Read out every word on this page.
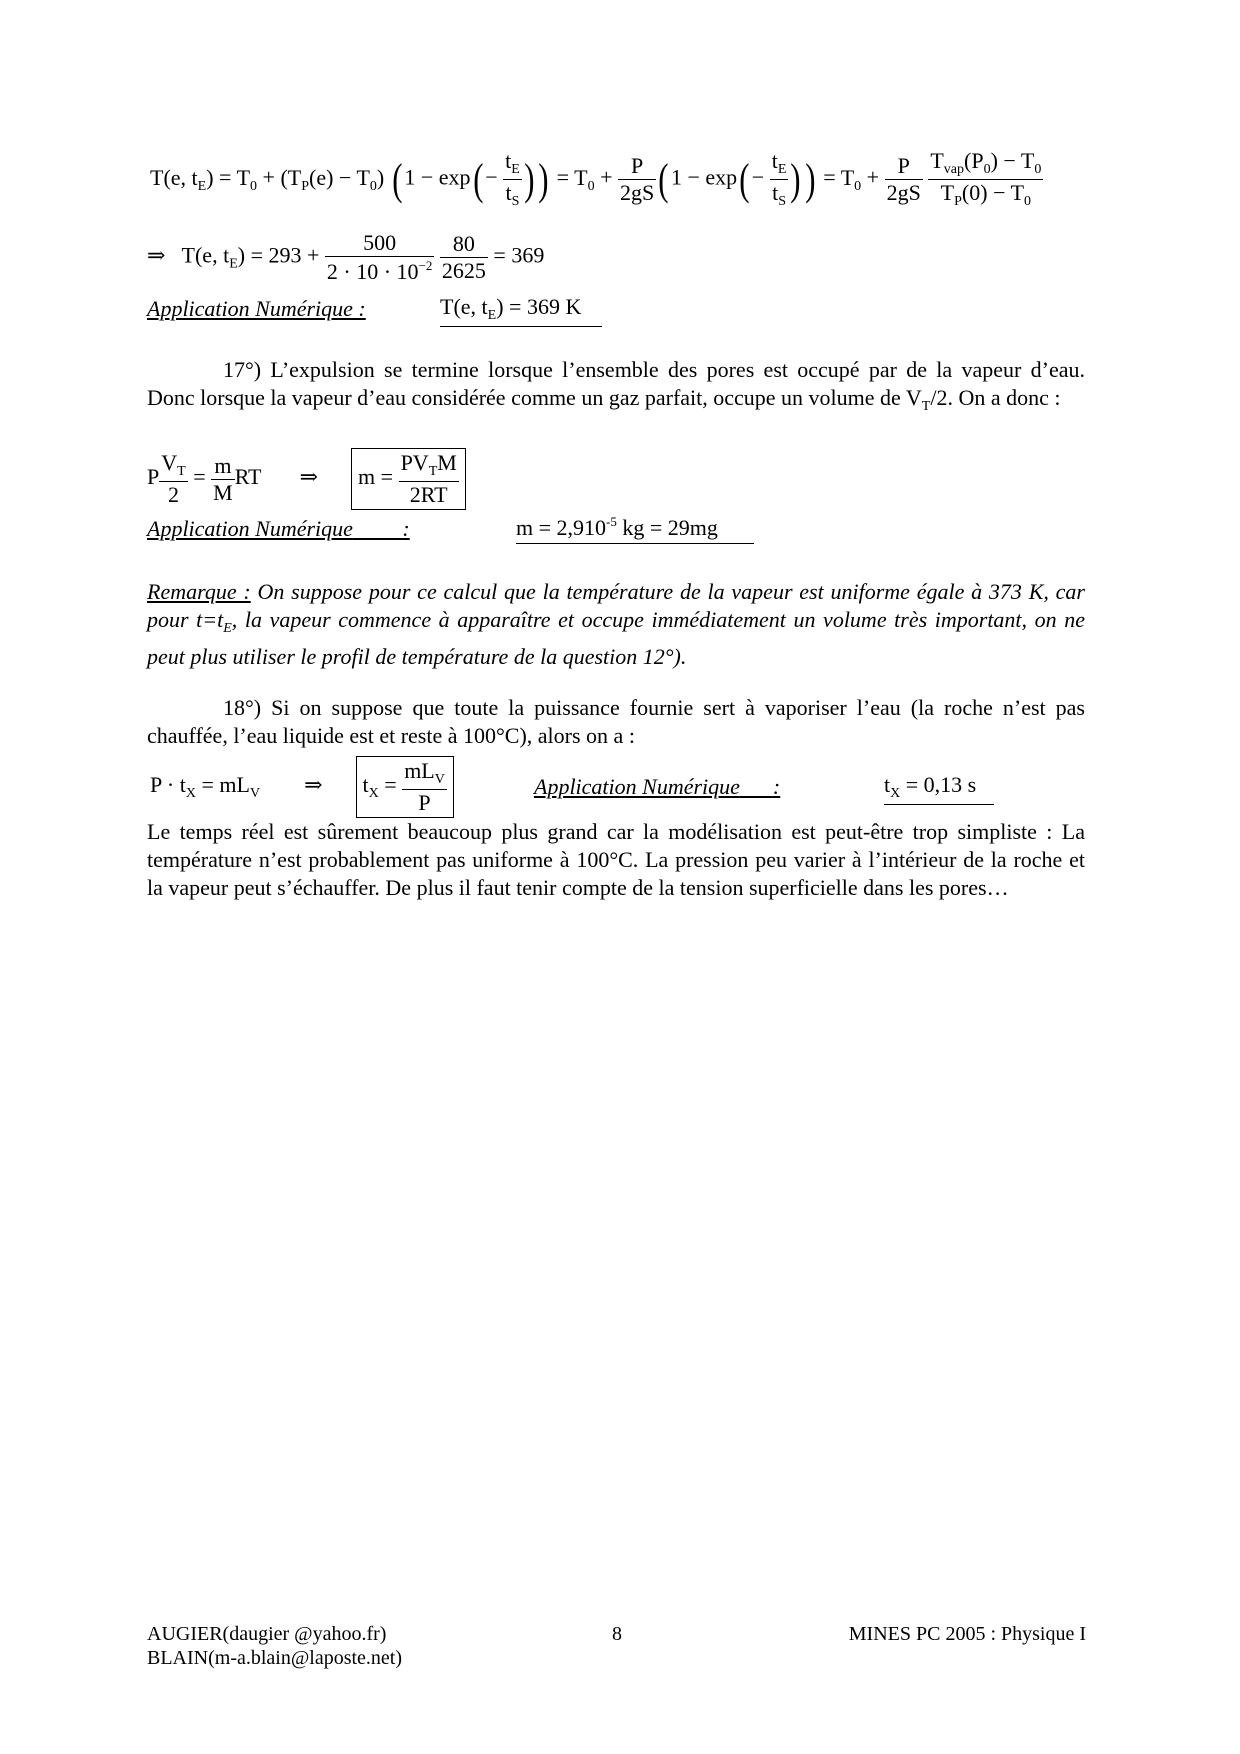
T(e, $t_E) = T_0 + (T_P(e) - T_0)$ ($1 - \exp(- \frac{t_E}{t_S}$ )) = $T_0 + \frac{P}{2gS} (1 - \exp(- \frac{t_E}{t_S}$ )) = $T_0 + \frac{P}{2gS}$
$\frac{T_{vap}(P_0) - T_0}{T_P(0) - T_0}$
⇒ T(e, $t_E) = 293 + \frac{500}{2 \cdot 10 \cdot 10^{-2}}$
$\frac{80}{2625} = 369$
Application Numérique :	T(e, $t_E) = 369$ K
17°) L’expulsion se termine lorsque l’ensemble des pores est occupé par de la vapeur d’eau. Donc lorsque la vapeur d’eau considérée comme un gaz parfait, occupe un volume de $V_T/2$. On a donc :
P $\frac{V_T}{2} = \frac{m}{M}$ RT ⇒ $m = \frac{PV_TM}{2RT}$
Application Numérique :	$m = 2,910^{-5}$ kg = 29mg
Remarque : On suppose pour ce calcul que la température de la vapeur est uniforme égale à 373 K, car pour $t=t_E$, la vapeur commence à apparaître et occupe immédiatement un volume très important, on ne peut plus utiliser le profil de température de la question 12°).
18°) Si on suppose que toute la puissance fournie sert à vaporiser l’eau (la roche n’est pas chauffée, l’eau liquide est et reste à 100°C), alors on a :
$P \cdot t_X = mL_V$ ⇒ $t_X = \frac{mL_V}{P}$	Application Numérique :	$t_X = 0,13$ s
Le temps réel est sûrement beaucoup plus grand car la modélisation est peut-être trop simpliste : La température n’est probablement pas uniforme à 100°C. La pression peu varier à l’intérieur de la roche et la vapeur peut s’échauffer. De plus il faut tenir compte de la tension superficielle dans les pores…
AUGIER(daugier @yahoo.fr)
BLAIN(m-a.blain@laposte.net)
8	MINES PC 2005 : Physique I
